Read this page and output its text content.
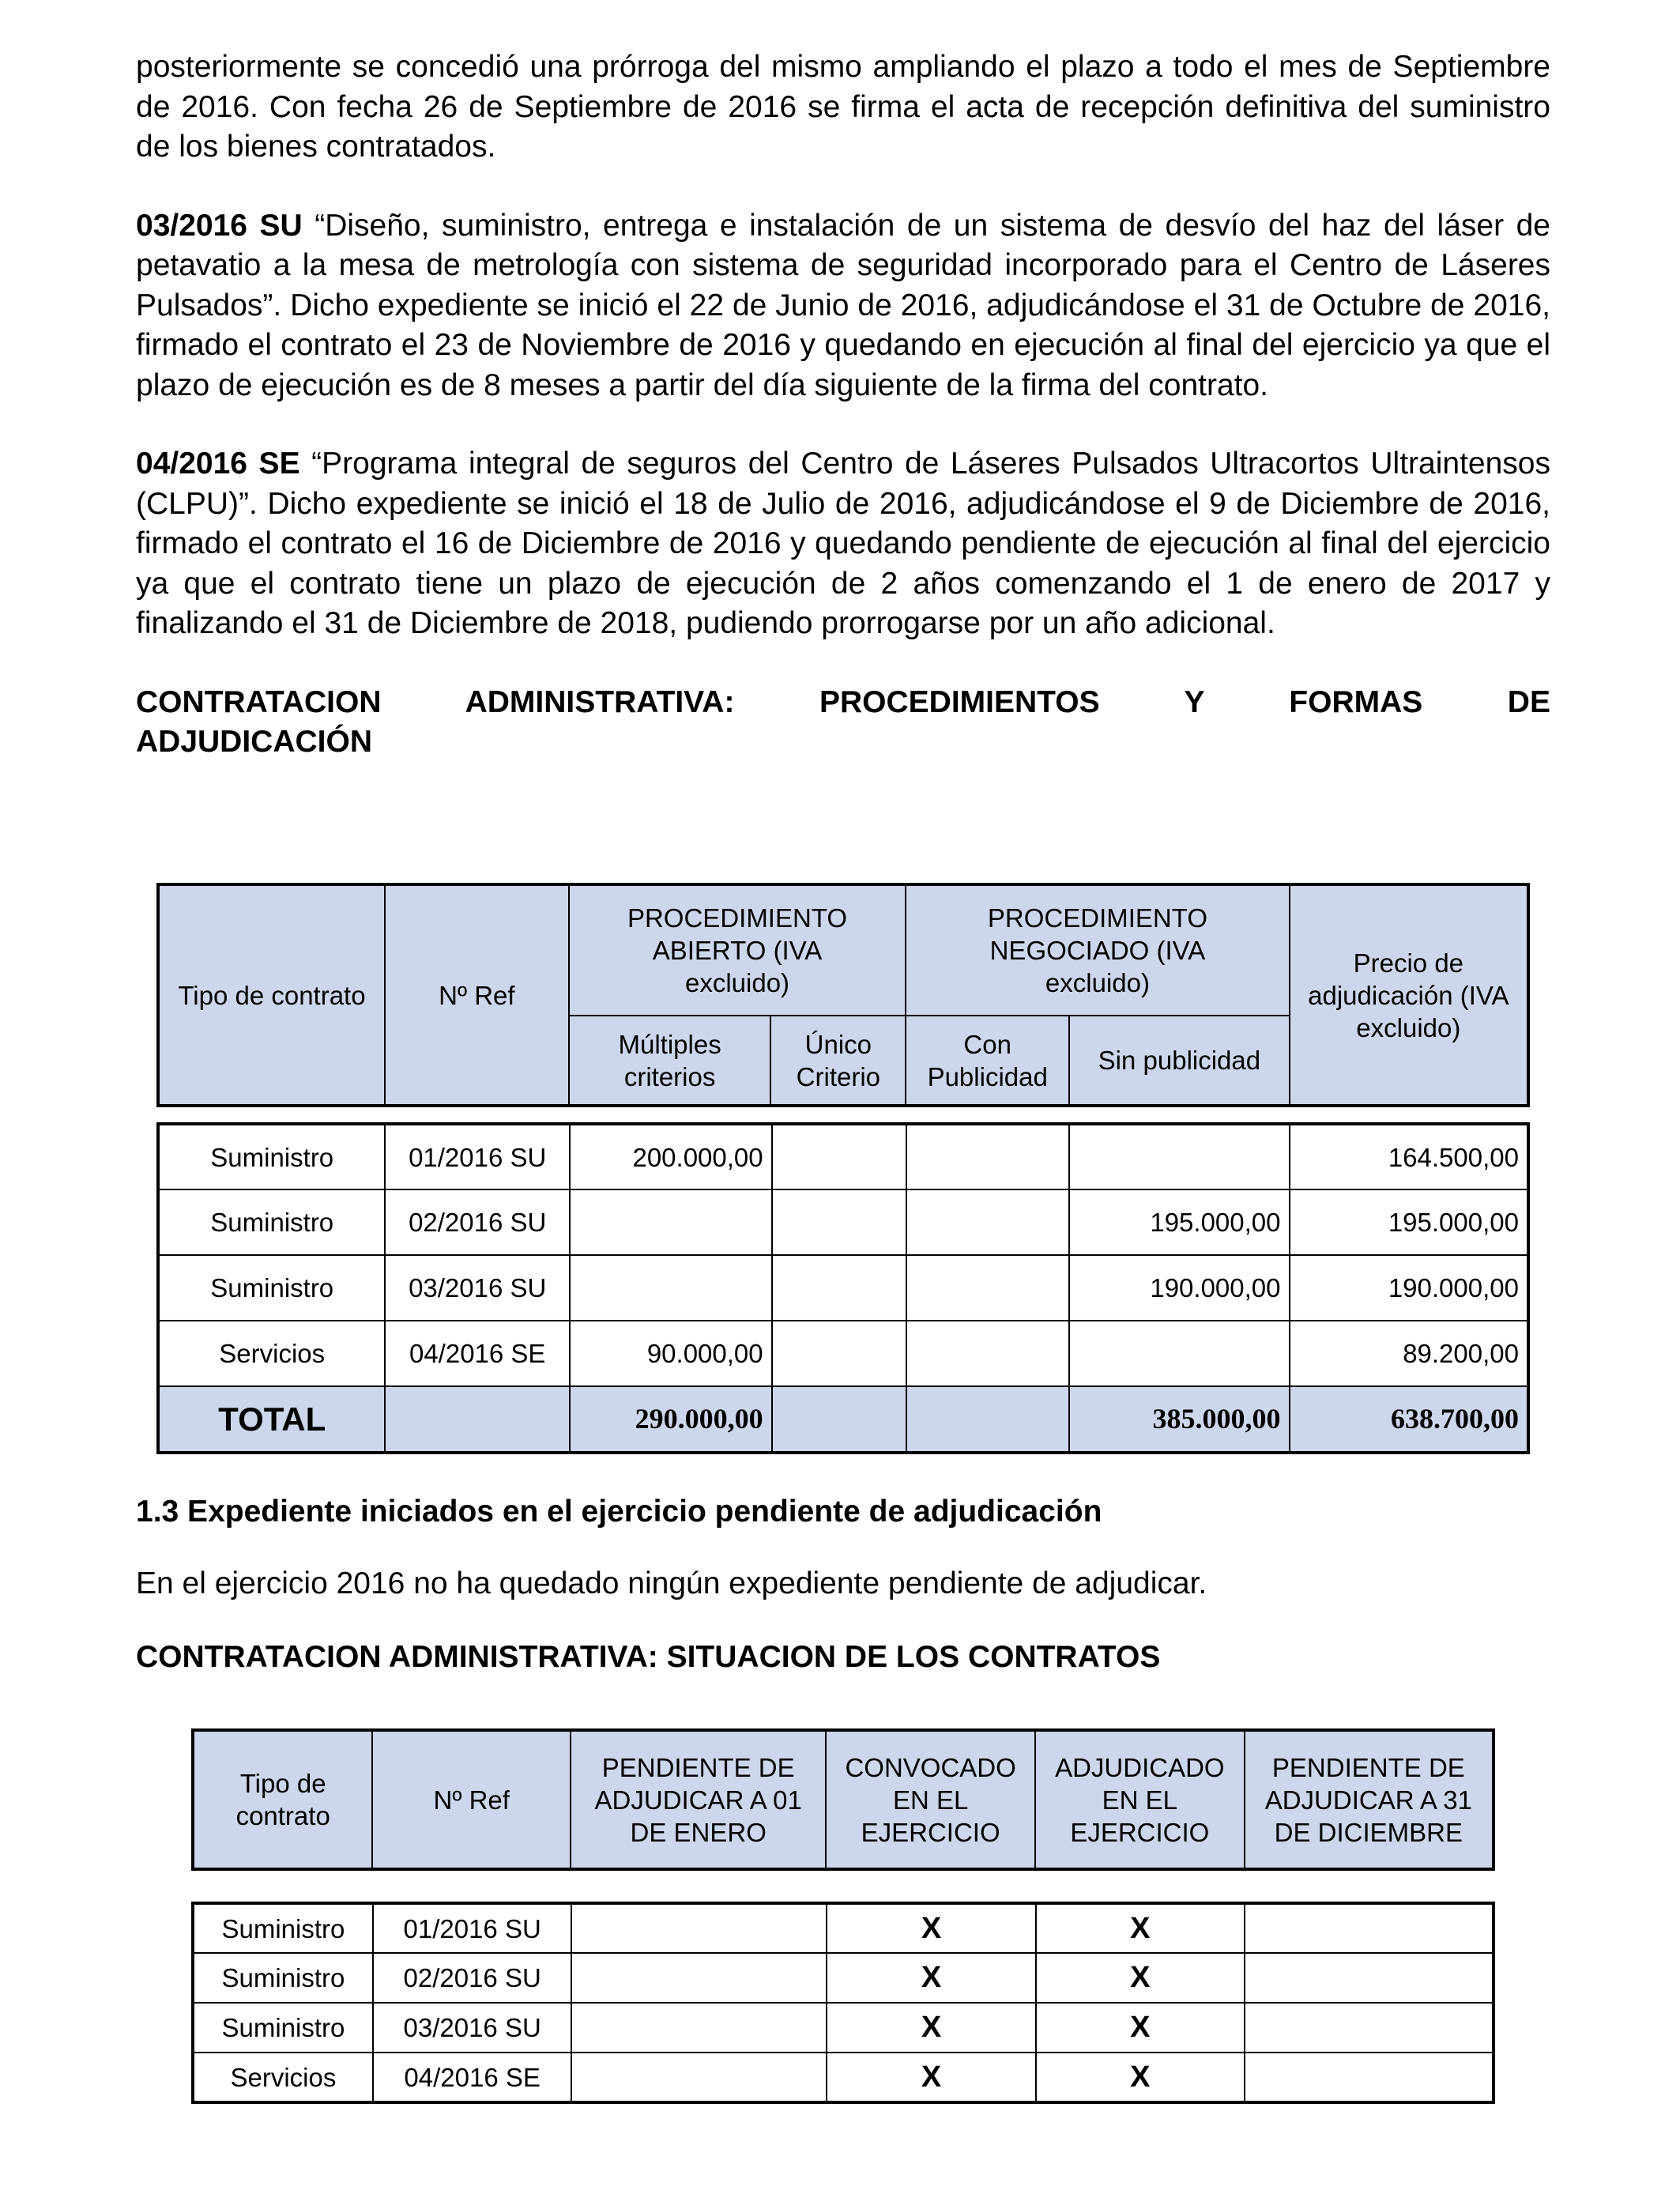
posteriormente se concedió una prórroga del mismo ampliando el plazo a todo el mes de Septiembre de 2016. Con fecha 26 de Septiembre de 2016 se firma el acta de recepción definitiva del suministro de los bienes contratados.

03/2016 SU “Diseño, suministro, entrega e instalación de un sistema de desvío del haz del láser de petavatio a la mesa de metrología con sistema de seguridad incorporado para el Centro de Láseres Pulsados”. Dicho expediente se inició el 22 de Junio de 2016, adjudicándose el 31 de Octubre de 2016, firmado el contrato el 23 de Noviembre de 2016 y quedando en ejecución al final del ejercicio ya que el plazo de ejecución es de 8 meses a partir del día siguiente de la firma del contrato.

04/2016 SE “Programa integral de seguros del Centro de Láseres Pulsados Ultracortos Ultraintensos (CLPU)”. Dicho expediente se inició el 18 de Julio de 2016, adjudicándose el 9 de Diciembre de 2016, firmado el contrato el 16 de Diciembre de 2016 y quedando pendiente de ejecución al final del ejercicio ya que el contrato tiene un plazo de ejecución de 2 años comenzando el 1 de enero de 2017 y finalizando el 31 de Diciembre de 2018, pudiendo prorrogarse por un año adicional.

CONTRATACION ADMINISTRATIVA: PROCEDIMIENTOS Y FORMAS DE
ADJUDICACIÓN
Tipo de contrato	Nº Ref	PROCEDIMIENTO ABIERTO (IVA excluido)		PROCEDIMIENTO NEGOCIADO (IVA excluido)		Precio de adjudicación (IVA excluido)
		Múltiples criterios	Único Criterio	Con Publicidad	Sin publicidad	
Suministro	01/2016 SU	200.000,00				164.500,00
Suministro	02/2016 SU				195.000,00	195.000,00
Suministro	03/2016 SU				190.000,00	190.000,00
Servicios	04/2016 SE	90.000,00				89.200,00
TOTAL		290.000,00			385.000,00	638.700,00
1.3 Expediente iniciados en el ejercicio pendiente de adjudicación

En el ejercicio 2016 no ha quedado ningún expediente pendiente de adjudicar.

CONTRATACION ADMINISTRATIVA: SITUACION DE LOS CONTRATOS
Tipo de contrato	Nº Ref	PENDIENTE DE ADJUDICAR A 01 DE ENERO	CONVOCADO EN EL EJERCICIO	ADJUDICADO EN EL EJERCICIO	PENDIENTE DE ADJUDICAR A 31 DE DICIEMBRE
Suministro	01/2016 SU		X	X	
Suministro	02/2016 SU		X	X	
Suministro	03/2016 SU		X	X	
Servicios	04/2016 SE		X	X	
